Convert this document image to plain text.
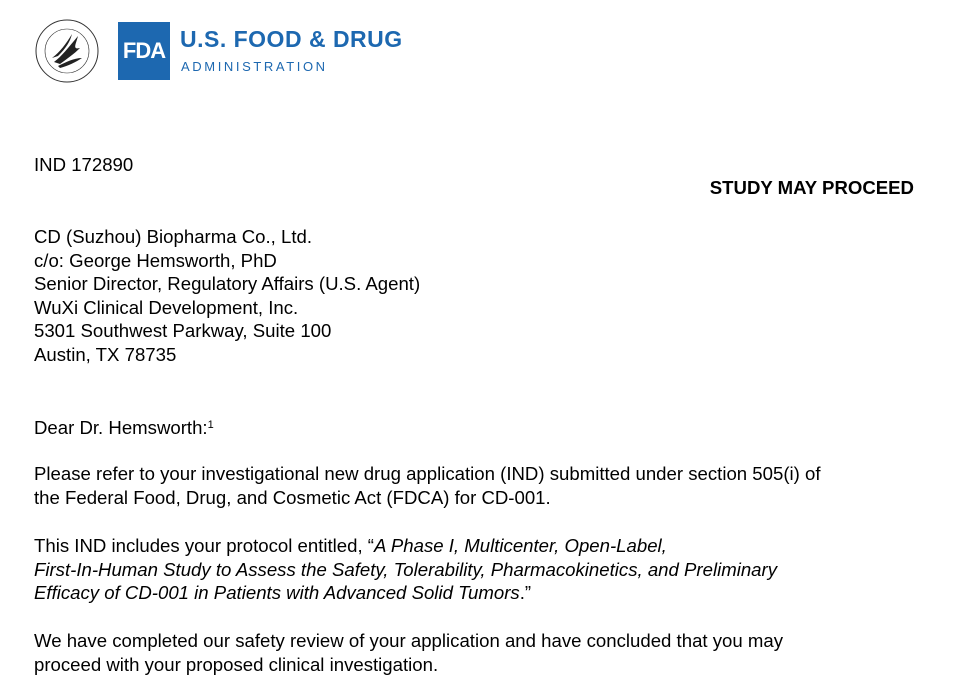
FDA U.S. FOOD & DRUG
ADMINISTRATION
IND 172890
STUDY MAY PROCEED
CD (Suzhou) Biopharma Co., Ltd.
c/o: George Hemsworth, PhD
Senior Director, Regulatory Affairs (U.S. Agent)
WuXi Clinical Development, Inc.
5301 Southwest Parkway, Suite 100
Austin, TX 78735
Dear Dr. Hemsworth:$^1$
Please refer to your investigational new drug application (IND) submitted under section 505(i) of
the Federal Food, Drug, and Cosmetic Act (FDCA) for CD-001.
This IND includes your protocol entitled, “A Phase I, Multicenter, Open-Label,
First-In-Human Study to Assess the Safety, Tolerability, Pharmacokinetics, and Preliminary
Efficacy of CD-001 in Patients with Advanced Solid Tumors.”
We have completed our safety review of your application and have concluded that you may
proceed with your proposed clinical investigation.
